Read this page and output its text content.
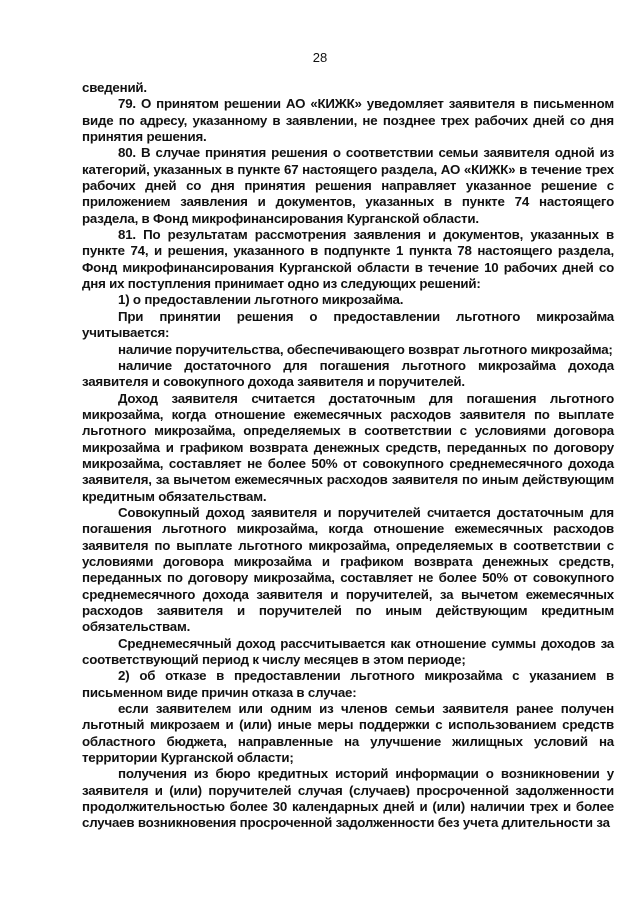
28

сведений.

79. О принятом решении АО «КИЖК» уведомляет заявителя в письменном виде по адресу, указанному в заявлении, не позднее трех рабочих дней со дня принятия решения.

80. В случае принятия решения о соответствии семьи заявителя одной из категорий, указанных в пункте 67 настоящего раздела, АО «КИЖК» в течение трех рабочих дней со дня принятия решения направляет указанное решение с приложением заявления и документов, указанных в пункте 74 настоящего раздела, в Фонд микрофинансирования Курганской области.

81. По результатам рассмотрения заявления и документов, указанных в пункте 74, и решения, указанного в подпункте 1 пункта 78 настоящего раздела, Фонд микрофинансирования Курганской области в течение 10 рабочих дней со дня их поступления принимает одно из следующих решений:

1) о предоставлении льготного микрозайма.

При принятии решения о предоставлении льготного микрозайма учитывается:

наличие поручительства, обеспечивающего возврат льготного микрозайма;

наличие достаточного для погашения льготного микрозайма дохода заявителя и совокупного дохода заявителя и поручителей.

Доход заявителя считается достаточным для погашения льготного микрозайма, когда отношение ежемесячных расходов заявителя по выплате льготного микрозайма, определяемых в соответствии с условиями договора микрозайма и графиком возврата денежных средств, переданных по договору микрозайма, составляет не более 50% от совокупного среднемесячного дохода заявителя, за вычетом ежемесячных расходов заявителя по иным действующим кредитным обязательствам.

Совокупный доход заявителя и поручителей считается достаточным для погашения льготного микрозайма, когда отношение ежемесячных расходов заявителя по выплате льготного микрозайма, определяемых в соответствии с условиями договора микрозайма и графиком возврата денежных средств, переданных по договору микрозайма, составляет не более 50% от совокупного среднемесячного дохода заявителя и поручителей, за вычетом ежемесячных расходов заявителя и поручителей по иным действующим кредитным обязательствам.

Среднемесячный доход рассчитывается как отношение суммы доходов за соответствующий период к числу месяцев в этом периоде;

2) об отказе в предоставлении льготного микрозайма с указанием в письменном виде причин отказа в случае:

если заявителем или одним из членов семьи заявителя ранее получен льготный микрозаем и (или) иные меры поддержки с использованием средств областного бюджета, направленные на улучшение жилищных условий на территории Курганской области;

получения из бюро кредитных историй информации о возникновении у заявителя и (или) поручителей случая (случаев) просроченной задолженности продолжительностью более 30 календарных дней и (или) наличии трех и более случаев возникновения просроченной задолженности без учета длительности за
